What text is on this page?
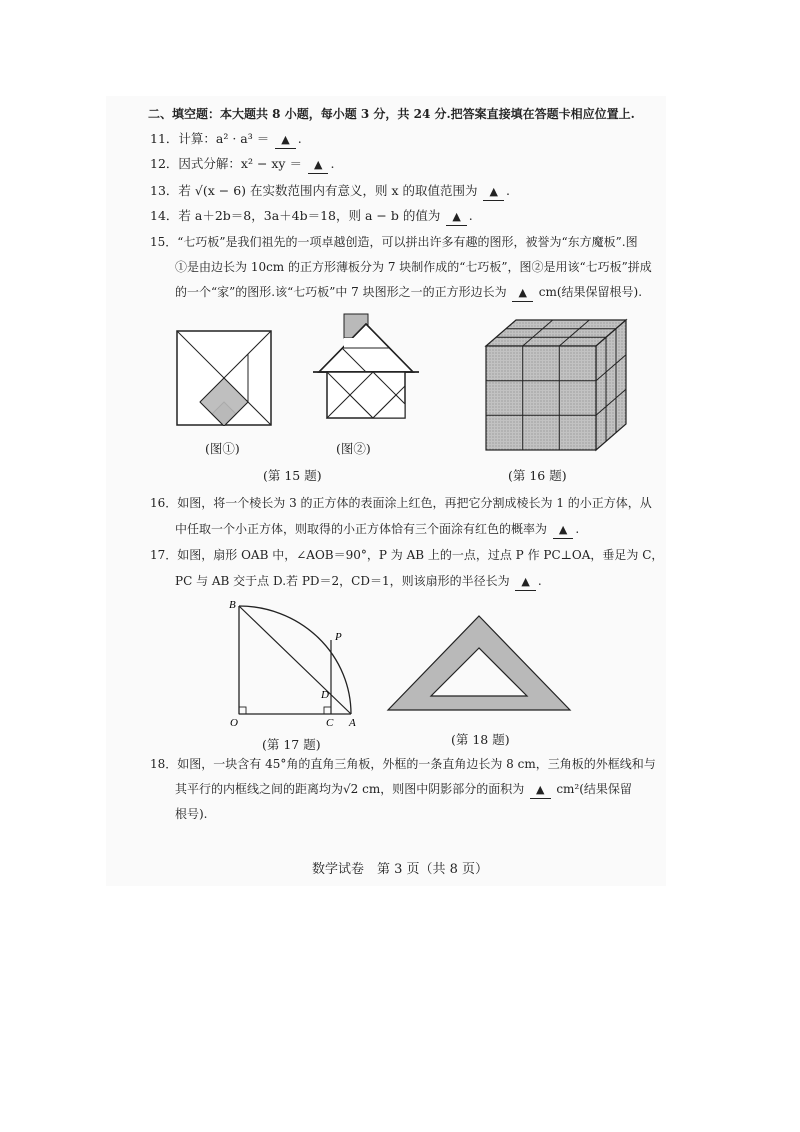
二、填空题：本大题共 8 小题，每小题 3 分，共 24 分.把答案直接填在答题卡相应位置上.
11．计算：a² · a³ ＝ ▲ .
12．因式分解：x² − xy ＝ ▲ .
13．若 √(x − 6) 在实数范围内有意义，则 x 的取值范围为 ▲ .
14．若 a＋2b＝8，3a＋4b＝18，则 a − b 的值为 ▲ .
15．“七巧板”是我们祖先的一项卓越创造，可以拼出许多有趣的图形，被誉为“东方魔板”.图
①是由边长为 10cm 的正方形薄板分为 7 块制作成的“七巧板”，图②是用该“七巧板”拼成
的一个“家”的图形.该“七巧板”中 7 块图形之一的正方形边长为 ▲ cm(结果保留根号).
(图①)	(图②)
(第 15 题)	(第 16 题)
16．如图，将一个棱长为 3 的正方体的表面涂上红色，再把它分割成棱长为 1 的小正方体，从
中任取一个小正方体，则取得的小正方体恰有三个面涂有红色的概率为 ▲ .
17．如图，扇形 OAB 中，∠AOB＝90°，P 为 AB 上的一点，过点 P 作 PC⊥OA，垂足为 C，
PC 与 AB 交于点 D.若 PD＝2，CD＝1，则该扇形的半径长为 ▲ .
B
P
D
O	C A
(第 17 题)	(第 18 题)
18．如图，一块含有 45°角的直角三角板，外框的一条直角边长为 8 cm，三角板的外框线和与
其平行的内框线之间的距离均为√2 cm，则图中阴影部分的面积为 ▲ cm²(结果保留
根号).
数学试卷　第 3 页（共 8 页）
